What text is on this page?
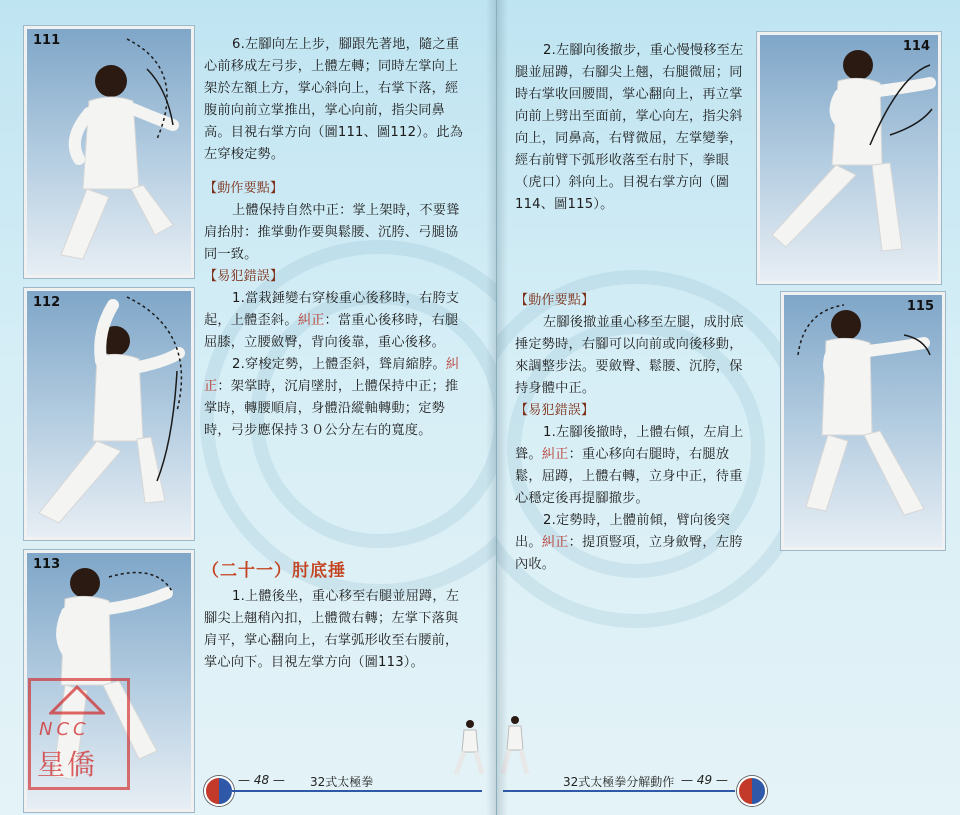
111
112
113

6.左腳向左上步，腳跟先著地，隨之重心前移成左弓步，上體左轉；同時左掌向上架於左額上方，掌心斜向上，右掌下落，經腹前向前立掌推出，掌心向前，指尖同鼻高。目視右掌方向（圖111、圖112）。此為左穿梭定勢。

【動作要點】

上體保持自然中正：掌上架時，不要聳肩抬肘：推掌動作要與鬆腰、沉胯、弓腿協同一致。

【易犯錯誤】

1.當栽錘變右穿梭重心後移時，右胯支起，上體歪斜。糾正：當重心後移時，右腿屈膝，立腰斂臀，背向後靠，重心後移。

2.穿梭定勢，上體歪斜，聳肩縮脖。糾正：架掌時，沉肩墜肘，上體保持中正；推掌時，轉腰順肩，身體沿縱軸轉動；定勢時，弓步應保持３０公分左右的寬度。

（二十一）肘底捶

1.上體後坐，重心移至右腿並屈蹲，左腳尖上翹稍內扣，上體微右轉；左掌下落與肩平，掌心翻向上，右掌弧形收至右腰前，掌心向下。目視左掌方向（圖113）。

— 48 — 32式太極拳
NCC
星僑

2.左腳向後撤步，重心慢慢移至左腿並屈蹲，右腳尖上翹，右腿微屈；同時右掌收回腰間，掌心翻向上，再立掌向前上劈出至面前，掌心向左，指尖斜向上，同鼻高，右臂微屈，左掌變拳，經右前臂下弧形收落至右肘下，拳眼（虎口）斜向上。目視右掌方向（圖114、圖115）。

【動作要點】

左腳後撤並重心移至左腿，成肘底捶定勢時，右腳可以向前或向後移動，來調整步法。要斂臀、鬆腰、沉胯，保持身體中正。

【易犯錯誤】

1.左腳後撤時，上體右傾，左肩上聳。糾正：重心移向右腿時，右腿放鬆，屈蹲，上體右轉，立身中正，待重心穩定後再提腳撤步。

2.定勢時，上體前傾，臂向後突出。糾正：提頂豎項，立身斂臀，左胯內收。

114
115
32式太極拳分解動作 — 49 —
